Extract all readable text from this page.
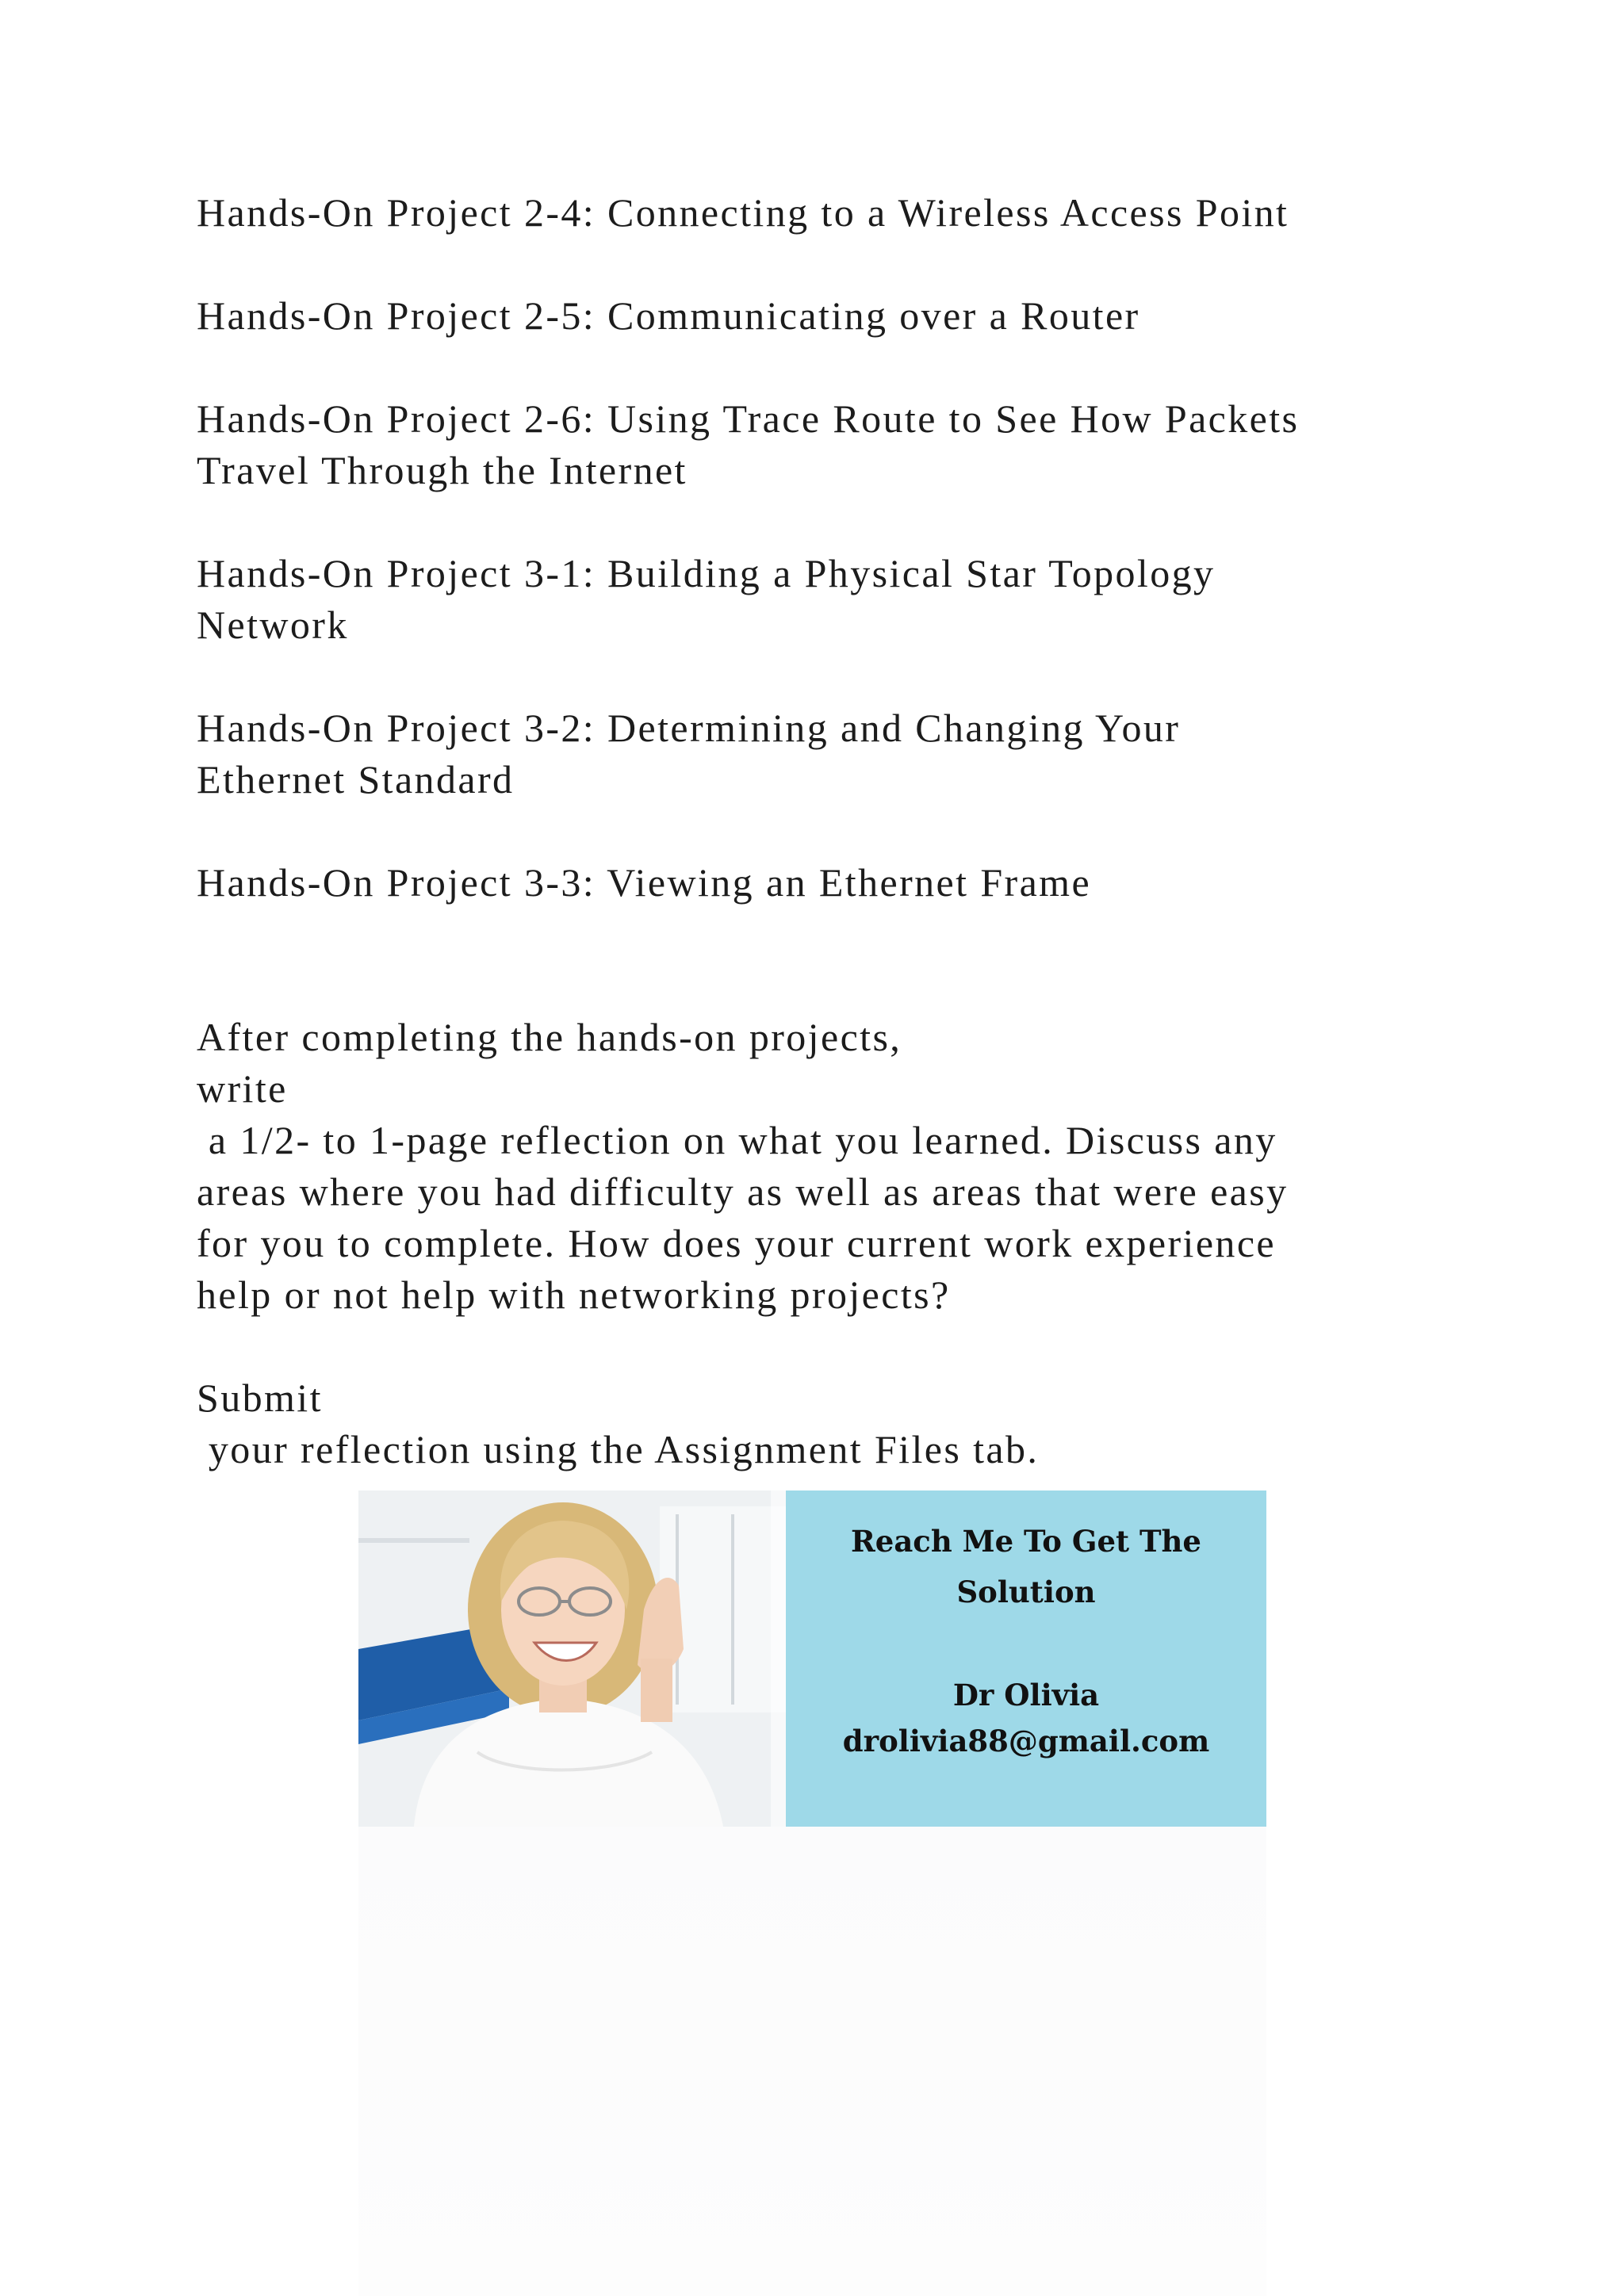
Hands-On Project 2-4: Connecting to a Wireless Access Point

Hands-On Project 2-5: Communicating over a Router

Hands-On Project 2-6: Using Trace Route to See How Packets
Travel Through the Internet

Hands-On Project 3-1: Building a Physical Star Topology
Network

Hands-On Project 3-2: Determining and Changing Your
Ethernet Standard

Hands-On Project 3-3: Viewing an Ethernet Frame

After completing the hands-on projects,
write
a 1/2- to 1-page reflection on what you learned. Discuss any
areas where you had difficulty as well as areas that were easy
for you to complete. How does your current work experience
help or not help with networking projects?

Submit
your reflection using the Assignment Files tab.

Reach Me To Get The
Solution
Dr Olivia
drolivia88@gmail.com
